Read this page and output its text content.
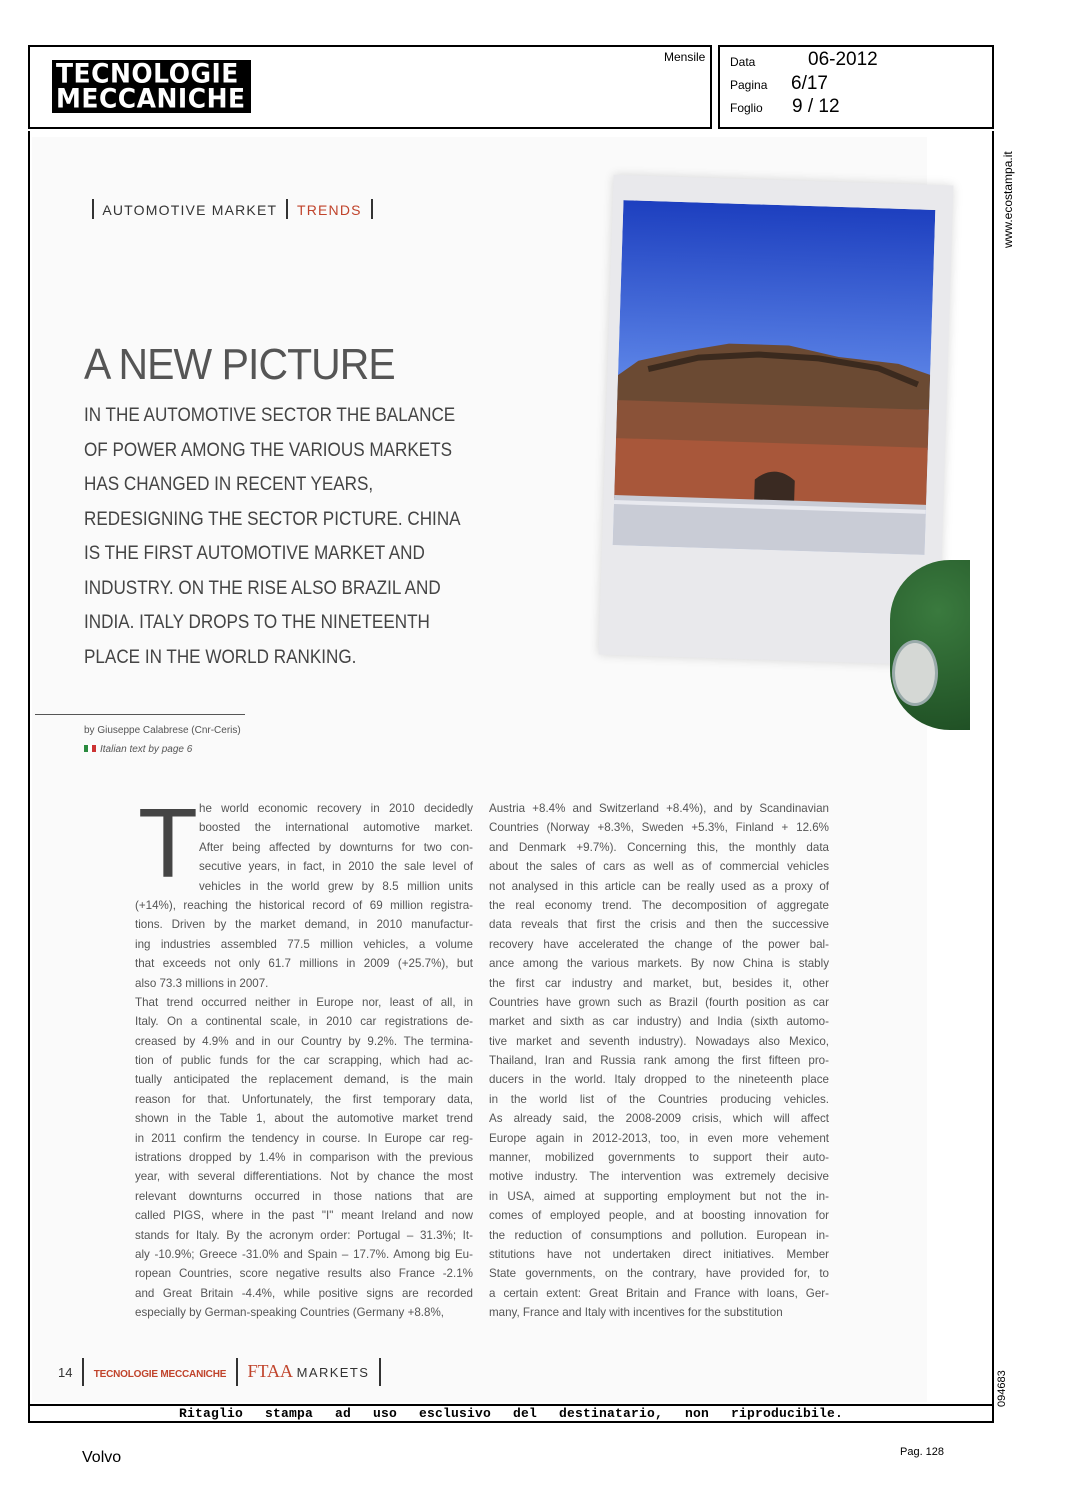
TECNOLOGIE
MECCANICHE
Mensile Data	06-2012
Pagina 6/17
Foglio 9 / 12
AUTOMOTIVE MARKET TRENDS
A NEW PICTURE
IN THE AUTOMOTIVE SECTOR THE BALANCE
OF POWER AMONG THE VARIOUS MARKETS
HAS CHANGED IN RECENT YEARS,
REDESIGNING THE SECTOR PICTURE. CHINA
IS THE FIRST AUTOMOTIVE MARKET AND
INDUSTRY. ON THE RISE ALSO BRAZIL AND
INDIA. ITALY DROPS TO THE NINETEENTH
PLACE IN THE WORLD RANKING.
by Giuseppe Calabrese (Cnr-Ceris)
Italian text by page 6
T he world economic recovery in 2010 decidedly
boosted the international automotive market.
After being affected by downturns for two con-
secutive years, in fact, in 2010 the sale level of
vehicles in the world grew by 8.5 million units
(+14%), reaching the historical record of 69 million registra-
tions. Driven by the market demand, in 2010 manufactur-
ing industries assembled 77.5 million vehicles, a volume
that exceeds not only 61.7 millions in 2009 (+25.7%), but
also 73.3 millions in 2007.
That trend occurred neither in Europe nor, least of all, in
Italy. On a continental scale, in 2010 car registrations de-
creased by 4.9% and in our Country by 9.2%. The termina-
tion of public funds for the car scrapping, which had ac-
tually anticipated the replacement demand, is the main
reason for that. Unfortunately, the first temporary data,
shown in the Table 1, about the automotive market trend
in 2011 confirm the tendency in course. In Europe car reg-
istrations dropped by 1.4% in comparison with the previous
year, with several differentiations. Not by chance the most
relevant downturns occurred in those nations that are
called PIGS, where in the past "I" meant Ireland and now
stands for Italy. By the acronym order: Portugal – 31.3%; It-
aly -10.9%; Greece -31.0% and Spain – 17.7%. Among big Eu-
ropean Countries, score negative results also France -2.1%
and Great Britain -4.4%, while positive signs are recorded
especially by German-speaking Countries (Germany +8.8%,
Austria +8.4% and Switzerland +8.4%), and by Scandinavian
Countries (Norway +8.3%, Sweden +5.3%, Finland + 12.6%
and Denmark +9.7%). Concerning this, the monthly data
about the sales of cars as well as of commercial vehicles
not analysed in this article can be really used as a proxy of
the real economy trend. The decomposition of aggregate
data reveals that first the crisis and then the successive
recovery have accelerated the change of the power bal-
ance among the various markets. By now China is stably
the first car industry and market, but, besides it, other
Countries have grown such as Brazil (fourth position as car
market and sixth as car industry) and India (sixth automo-
tive market and seventh industry). Nowadays also Mexico,
Thailand, Iran and Russia rank among the first fifteen pro-
ducers in the world. Italy dropped to the nineteenth place
in the world list of the Countries producing vehicles.
As already said, the 2008-2009 crisis, which will affect
Europe again in 2012-2013, too, in even more vehement
manner, mobilized governments to support their auto-
motive industry. The intervention was extremely decisive
in USA, aimed at supporting employment but not the in-
comes of employed people, and at boosting innovation for
the reduction of consumptions and pollution. European in-
stitutions have not undertaken direct initiatives. Member
State governments, on the contrary, have provided for, to
a certain extent: Great Britain and France with loans, Ger-
many, France and Italy with incentives for the substitution
14 TECNOLOGIE MECCANICHE FTAA MARKETS
www.ecostampa.it
094683
Ritaglio stampa ad uso esclusivo del destinatario, non riproducibile.
Volvo	Pag. 128
